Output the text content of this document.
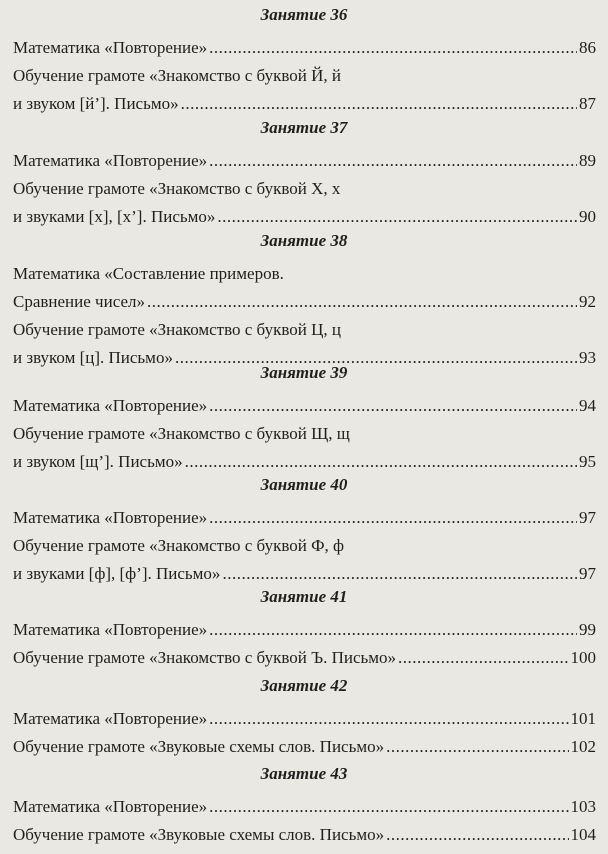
Занятие 36
Математика «Повторение» .....	86
Обучение грамоте «Знакомство с буквой Й, й
и звуком [й’]. Письмо» .....	87
Занятие 37
Математика «Повторение» .....	89
Обучение грамоте «Знакомство с буквой Х, х
и звуками [х], [х’]. Письмо» .....	90
Занятие 38
Математика «Составление примеров.
Сравнение чисел» .....	92
Обучение грамоте «Знакомство с буквой Ц, ц
и звуком [ц]. Письмо» .....	93
Занятие 39
Математика «Повторение» .....	94
Обучение грамоте «Знакомство с буквой Щ, щ
и звуком [щ’]. Письмо» .....	95
Занятие 40
Математика «Повторение» .....	97
Обучение грамоте «Знакомство с буквой Ф, ф
и звуками [ф], [ф’]. Письмо» .....	97
Занятие 41
Математика «Повторение» .....	99
Обучение грамоте «Знакомство с буквой Ъ. Письмо» .....	100
Занятие 42
Математика «Повторение» .....	101
Обучение грамоте «Звуковые схемы слов. Письмо» .....	102
Занятие 43
Математика «Повторение» .....	103
Обучение грамоте «Звуковые схемы слов. Письмо» .....	104
